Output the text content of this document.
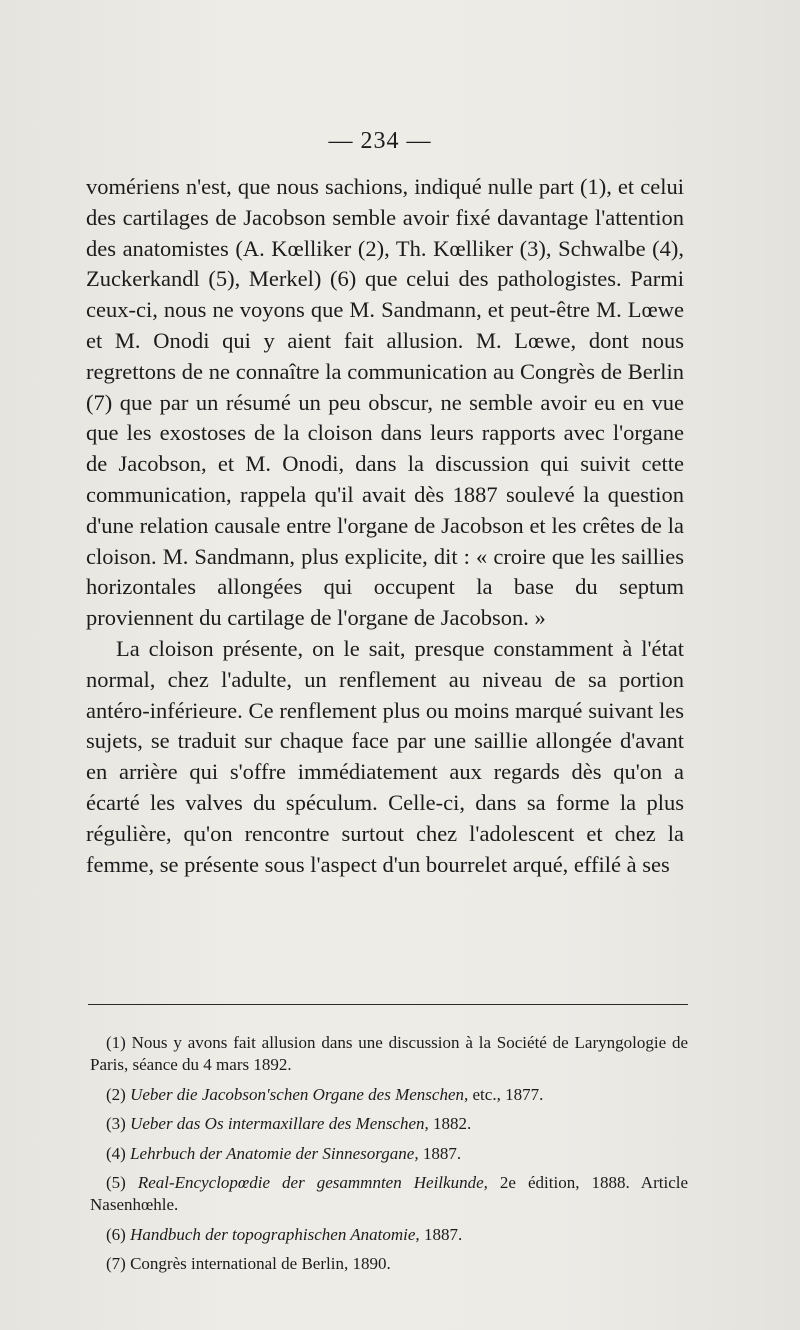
— 234 —

vomériens n'est, que nous sachions, indiqué nulle part (1), et celui des cartilages de Jacobson semble avoir fixé davantage l'attention des anatomistes (A. Kœlliker (2), Th. Kœlliker (3), Schwalbe (4), Zuckerkandl (5), Merkel) (6) que celui des pathologistes. Parmi ceux-ci, nous ne voyons que M. Sandmann, et peut-être M. Lœwe et M. Onodi qui y aient fait allusion. M. Lœwe, dont nous regrettons de ne connaître la communication au Congrès de Berlin (7) que par un résumé un peu obscur, ne semble avoir eu en vue que les exostoses de la cloison dans leurs rapports avec l'organe de Jacobson, et M. Onodi, dans la discussion qui suivit cette communication, rappela qu'il avait dès 1887 soulevé la question d'une relation causale entre l'organe de Jacobson et les crêtes de la cloison. M. Sandmann, plus explicite, dit : « croire que les saillies horizontales allongées qui occupent la base du septum proviennent du cartilage de l'organe de Jacobson. »

La cloison présente, on le sait, presque constamment à l'état normal, chez l'adulte, un renflement au niveau de sa portion antéro-inférieure. Ce renflement plus ou moins marqué suivant les sujets, se traduit sur chaque face par une saillie allongée d'avant en arrière qui s'offre immédiatement aux regards dès qu'on a écarté les valves du spéculum. Celle-ci, dans sa forme la plus régulière, qu'on rencontre surtout chez l'adolescent et chez la femme, se présente sous l'aspect d'un bourrelet arqué, effilé à ses

(1) Nous y avons fait allusion dans une discussion à la Société de Laryngologie de Paris, séance du 4 mars 1892.

(2) Ueber die Jacobson'schen Organe des Menschen, etc., 1877.

(3) Ueber das Os intermaxillare des Menschen, 1882.

(4) Lehrbuch der Anatomie der Sinnesorgane, 1887.

(5) Real-Encyclopœdie der gesammnten Heilkunde, 2e édition, 1888. Article Nasenhœhle.

(6) Handbuch der topographischen Anatomie, 1887.

(7) Congrès international de Berlin, 1890.
